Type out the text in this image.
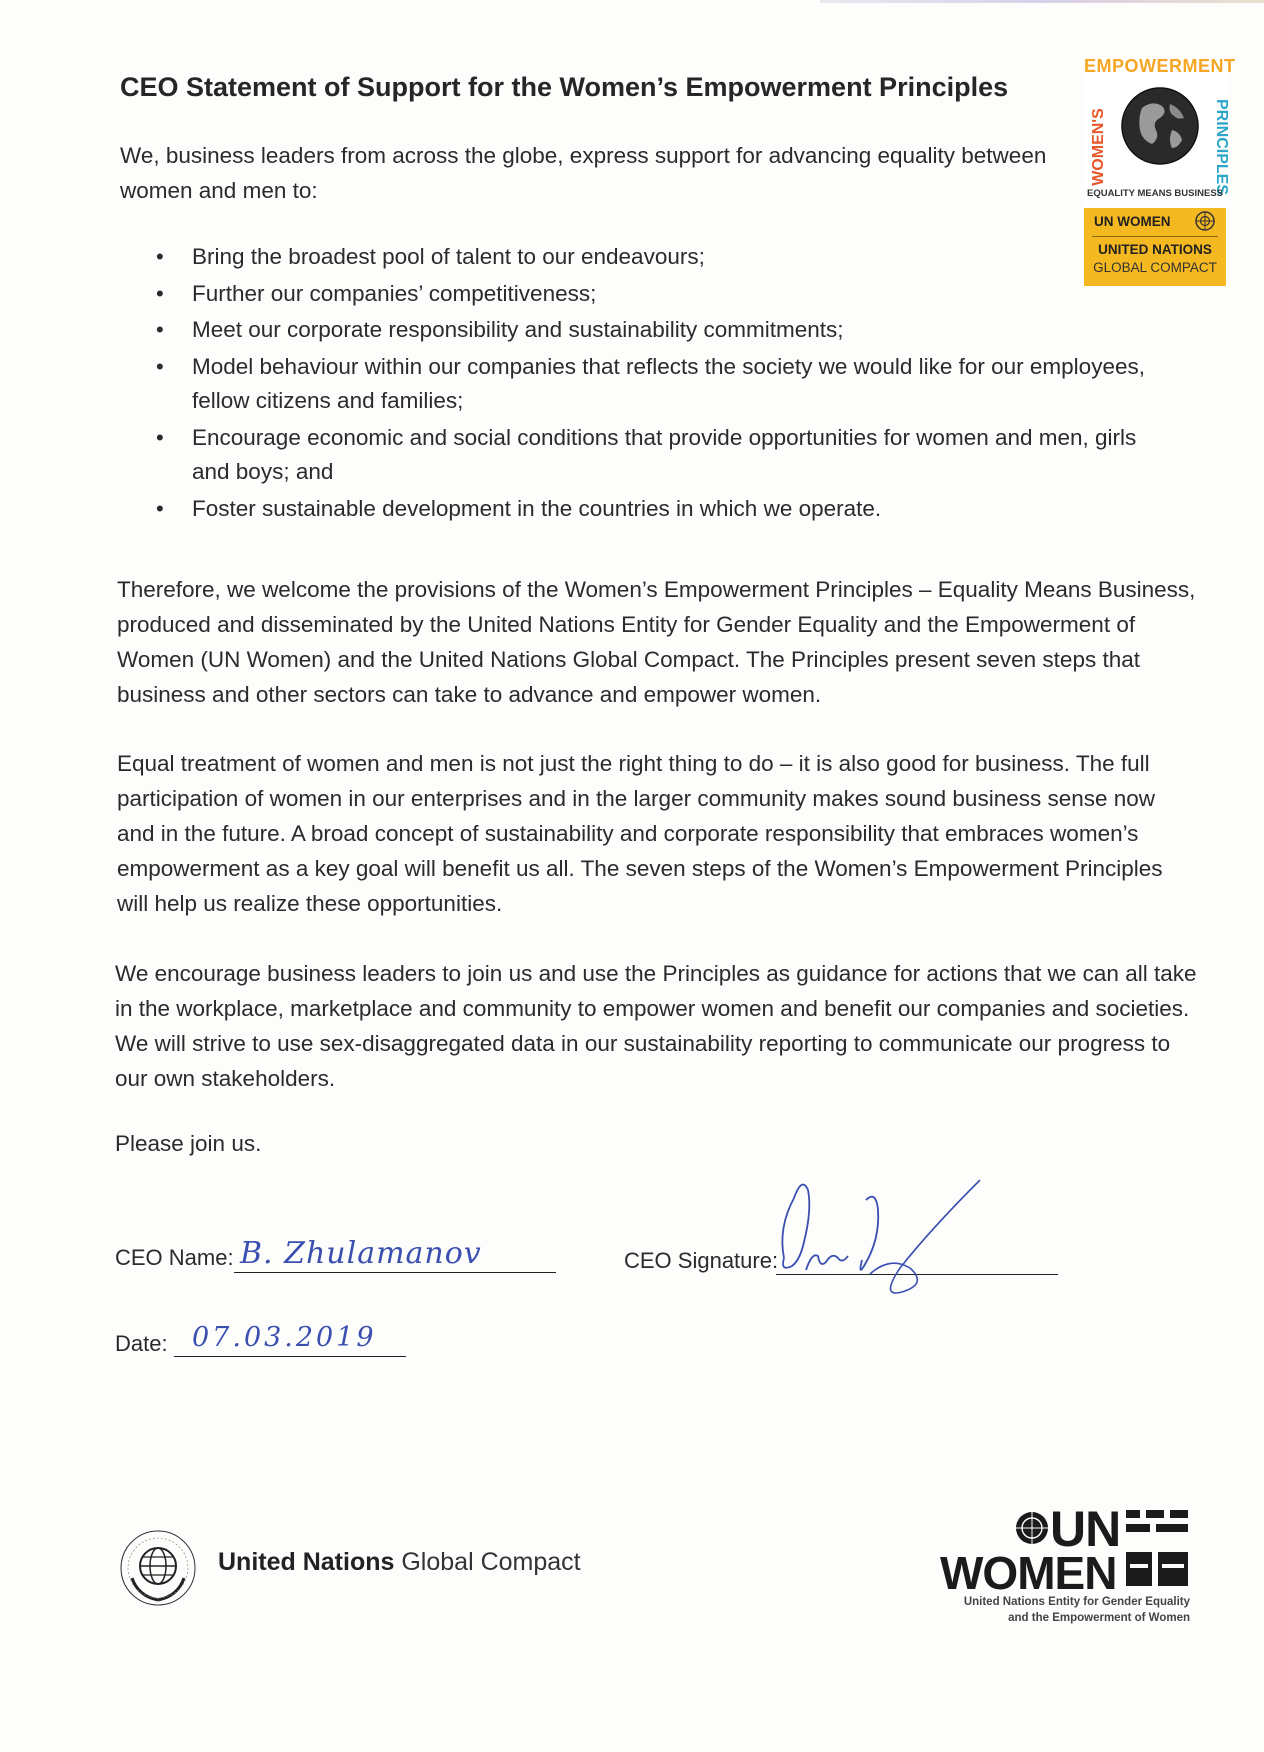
CEO Statement of Support for the Women’s Empowerment Principles

We, business leaders from across the globe, express support for advancing equality between women and men to:

• Bring the broadest pool of talent to our endeavours;
• Further our companies’ competitiveness;
• Meet our corporate responsibility and sustainability commitments;
• Model behaviour within our companies that reflects the society we would like for our employees, fellow citizens and families;
• Encourage economic and social conditions that provide opportunities for women and men, girls and boys; and
• Foster sustainable development in the countries in which we operate.

Therefore, we welcome the provisions of the Women’s Empowerment Principles – Equality Means Business, produced and disseminated by the United Nations Entity for Gender Equality and the Empowerment of Women (UN Women) and the United Nations Global Compact. The Principles present seven steps that business and other sectors can take to advance and empower women.

Equal treatment of women and men is not just the right thing to do – it is also good for business. The full participation of women in our enterprises and in the larger community makes sound business sense now and in the future. A broad concept of sustainability and corporate responsibility that embraces women’s empowerment as a key goal will benefit us all. The seven steps of the Women’s Empowerment Principles will help us realize these opportunities.

We encourage business leaders to join us and use the Principles as guidance for actions that we can all take in the workplace, marketplace and community to empower women and benefit our companies and societies. We will strive to use sex-disaggregated data in our sustainability reporting to communicate our progress to our own stakeholders.

Please join us.

EMPOWERMENT
WOMEN'S	PRINCIPLES
EQUALITY MEANS BUSINESS
UN WOMEN
UNITED NATIONS
GLOBAL COMPACT
CEO Name: B. Zhulamanov	CEO Signature:
Date: 07.03.2019
United Nations Global Compact
UN
WOMEN
United Nations Entity for Gender Equality
and the Empowerment of Women
